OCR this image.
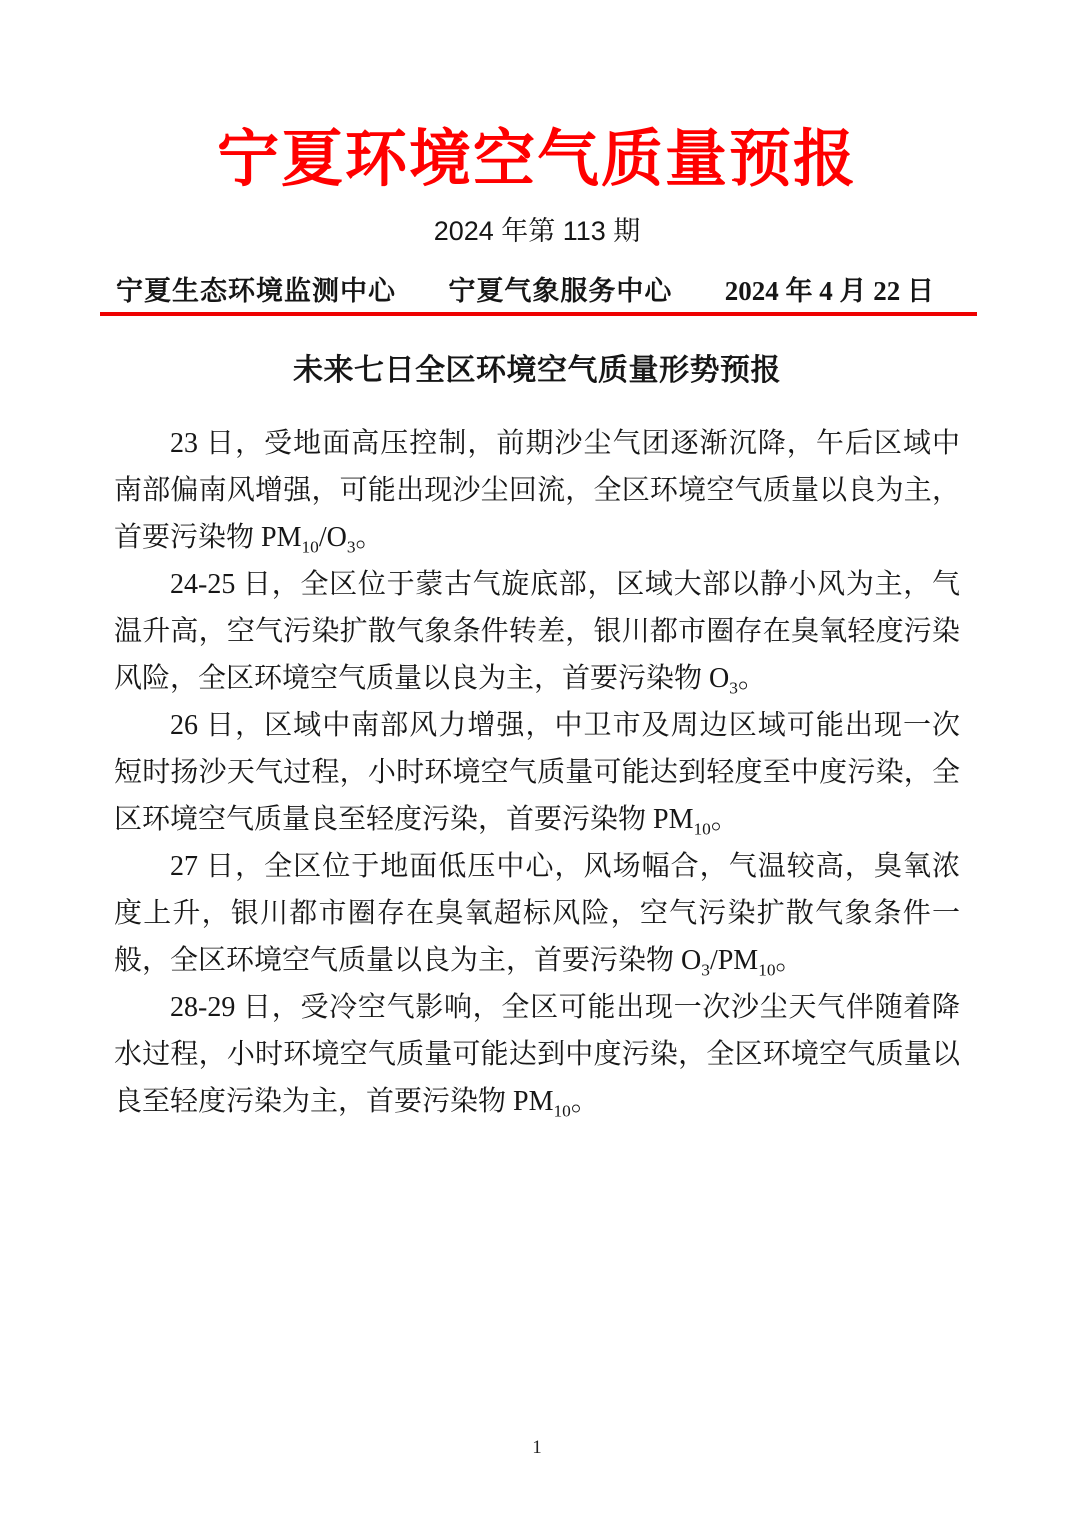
宁夏环境空气质量预报
2024 年第 113 期
宁夏生态环境监测中心 宁夏气象服务中心 2024 年 4 月 22 日
未来七日全区环境空气质量形势预报

23 日，受地面高压控制，前期沙尘气团逐渐沉降，午后区域中南部偏南风增强，可能出现沙尘回流，全区环境空气质量以良为主，首要污染物 $PM_{10}/O_3$。

24-25 日，全区位于蒙古气旋底部，区域大部以静小风为主，气温升高，空气污染扩散气象条件转差，银川都市圈存在臭氧轻度污染风险，全区环境空气质量以良为主，首要污染物 $O_3$。

26 日，区域中南部风力增强，中卫市及周边区域可能出现一次短时扬沙天气过程，小时环境空气质量可能达到轻度至中度污染，全区环境空气质量良至轻度污染，首要污染物 $PM_{10}$。

27 日，全区位于地面低压中心，风场幅合，气温较高，臭氧浓度上升，银川都市圈存在臭氧超标风险，空气污染扩散气象条件一般，全区环境空气质量以良为主，首要污染物 $O_3/PM_{10}$。

28-29 日，受冷空气影响，全区可能出现一次沙尘天气伴随着降水过程，小时环境空气质量可能达到中度污染，全区环境空气质量以良至轻度污染为主，首要污染物 $PM_{10}$。

1
